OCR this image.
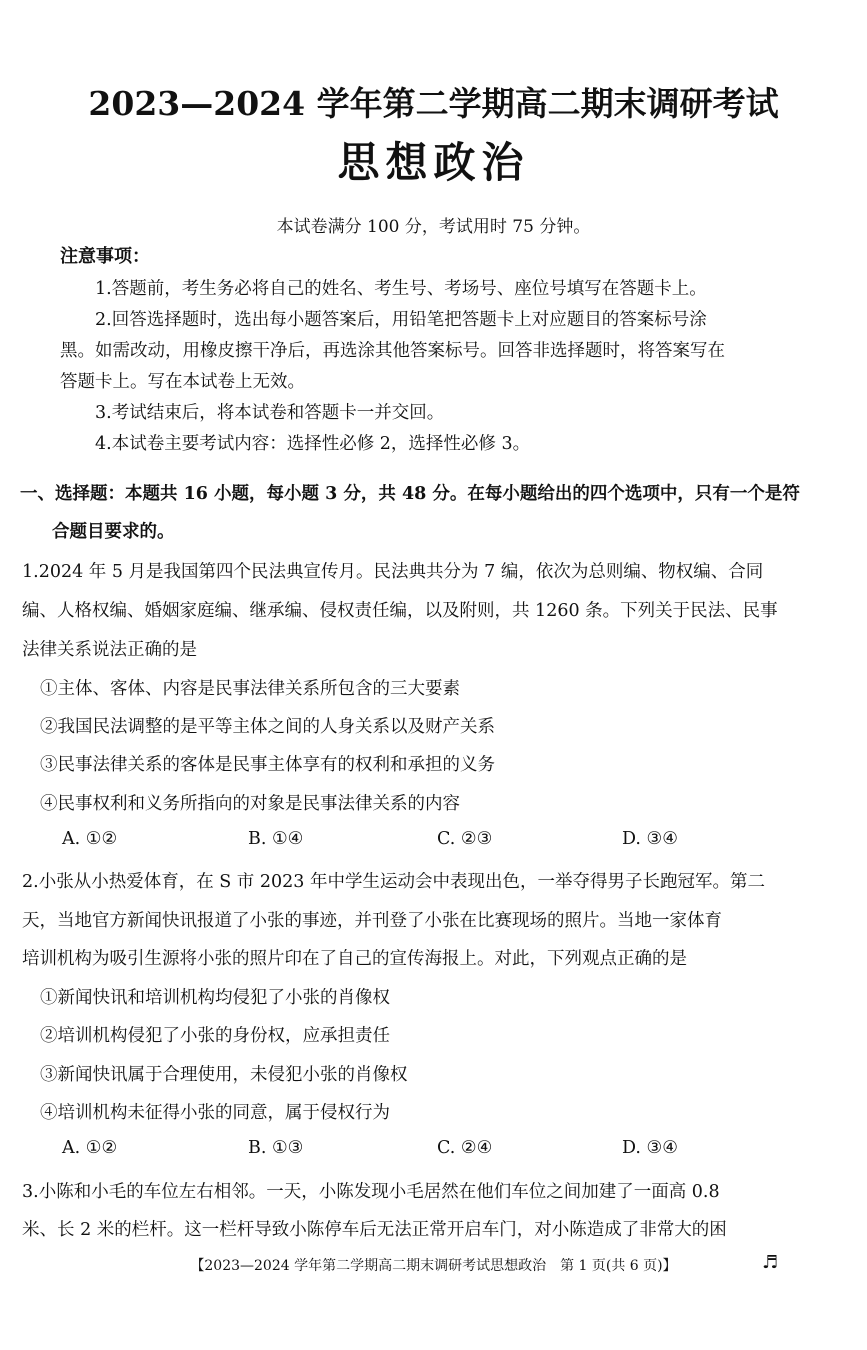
2023—2024 学年第二学期高二期末调研考试
思想政治
本试卷满分 100 分，考试用时 75 分钟。
注意事项：
1.答题前，考生务必将自己的姓名、考生号、考场号、座位号填写在答题卡上。
2.回答选择题时，选出每小题答案后，用铅笔把答题卡上对应题目的答案标号涂
黑。如需改动，用橡皮擦干净后，再选涂其他答案标号。回答非选择题时，将答案写在
答题卡上。写在本试卷上无效。
3.考试结束后，将本试卷和答题卡一并交回。
4.本试卷主要考试内容：选择性必修 2，选择性必修 3。
一、选择题：本题共 16 小题，每小题 3 分，共 48 分。在每小题给出的四个选项中，只有一个是符
合题目要求的。
1.2024 年 5 月是我国第四个民法典宣传月。民法典共分为 7 编，依次为总则编、物权编、合同
编、人格权编、婚姻家庭编、继承编、侵权责任编，以及附则，共 1260 条。下列关于民法、民事
法律关系说法正确的是
①主体、客体、内容是民事法律关系所包含的三大要素
②我国民法调整的是平等主体之间的人身关系以及财产关系
③民事法律关系的客体是民事主体享有的权利和承担的义务
④民事权利和义务所指向的对象是民事法律关系的内容
A. ①②	B. ①④	C. ②③	D. ③④
2.小张从小热爱体育，在 S 市 2023 年中学生运动会中表现出色，一举夺得男子长跑冠军。第二
天，当地官方新闻快讯报道了小张的事迹，并刊登了小张在比赛现场的照片。当地一家体育
培训机构为吸引生源将小张的照片印在了自己的宣传海报上。对此，下列观点正确的是
①新闻快讯和培训机构均侵犯了小张的肖像权
②培训机构侵犯了小张的身份权，应承担责任
③新闻快讯属于合理使用，未侵犯小张的肖像权
④培训机构未征得小张的同意，属于侵权行为
A. ①②	B. ①③	C. ②④	D. ③④
3.小陈和小毛的车位左右相邻。一天，小陈发现小毛居然在他们车位之间加建了一面高 0.8
米、长 2 米的栏杆。这一栏杆导致小陈停车后无法正常开启车门，对小陈造成了非常大的困
【2023—2024 学年第二学期高二期末调研考试思想政治　第 1 页(共 6 页)】	♬
